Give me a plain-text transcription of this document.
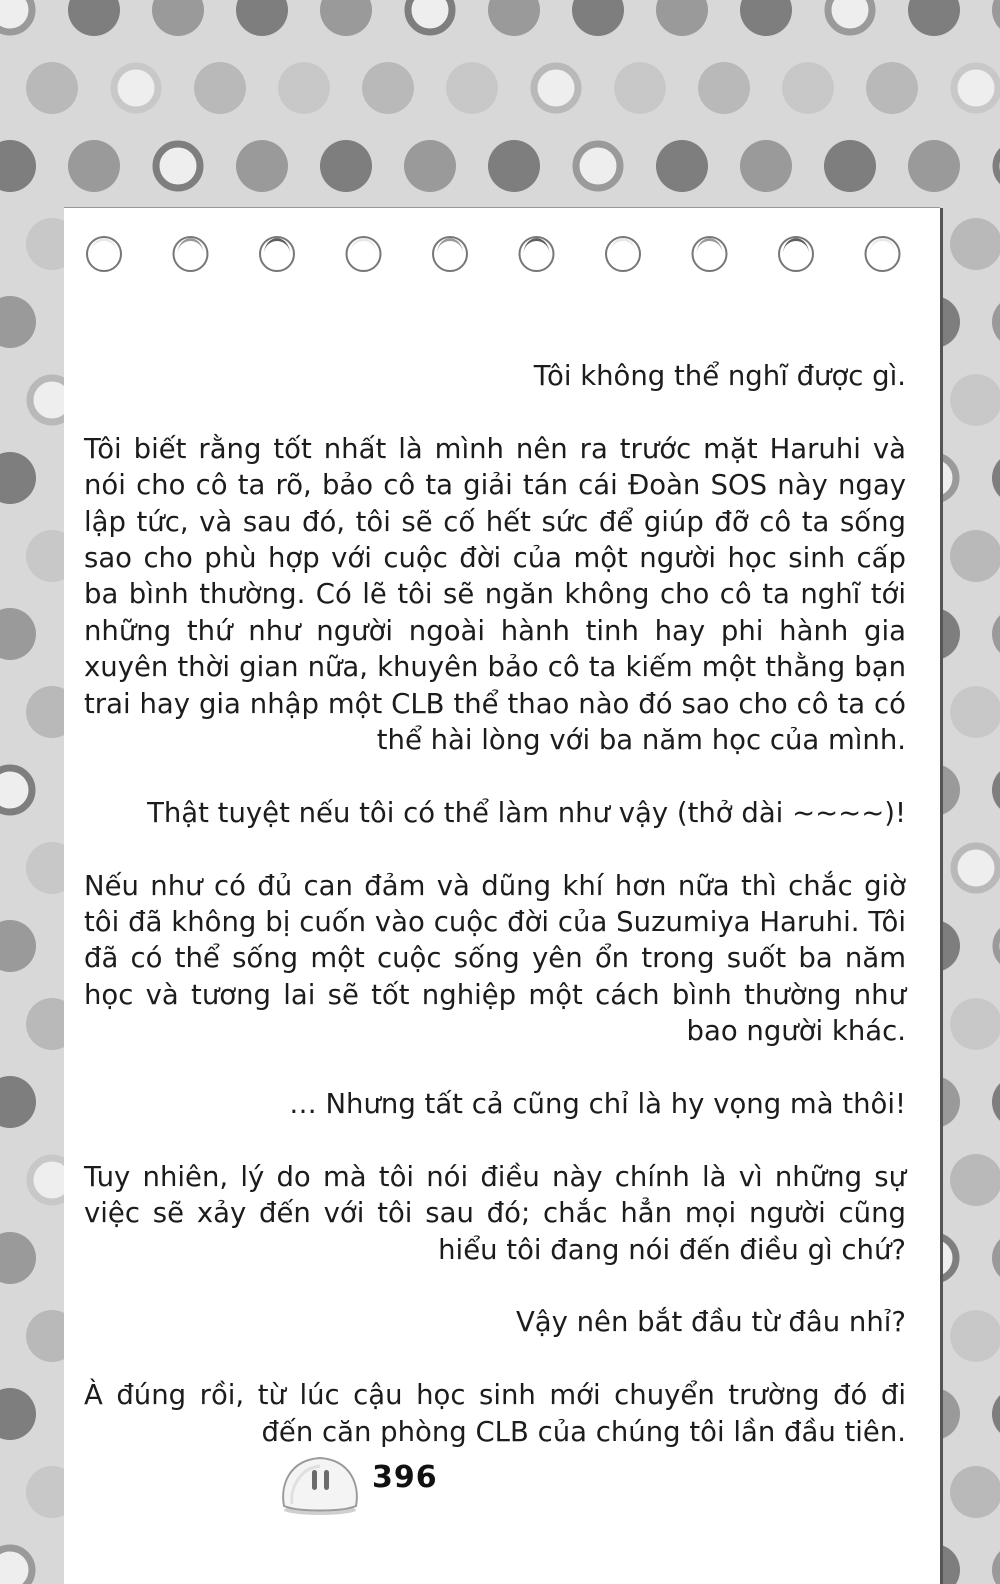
Tôi không thể nghĩ được gì.

Tôi biết rằng tốt nhất là mình nên ra trước mặt Haruhi và nói cho cô ta rõ, bảo cô ta giải tán cái Đoàn SOS này ngay lập tức, và sau đó, tôi sẽ cố hết sức để giúp đỡ cô ta sống sao cho phù hợp với cuộc đời của một người học sinh cấp ba bình thường. Có lẽ tôi sẽ ngăn không cho cô ta nghĩ tới những thứ như người ngoài hành tinh hay phi hành gia xuyên thời gian nữa, khuyên bảo cô ta kiếm một thằng bạn trai hay gia nhập một CLB thể thao nào đó sao cho cô ta có thể hài lòng với ba năm học của mình.

Thật tuyệt nếu tôi có thể làm như vậy (thở dài ~~~~)!

Nếu như có đủ can đảm và dũng khí hơn nữa thì chắc giờ tôi đã không bị cuốn vào cuộc đời của Suzumiya Haruhi. Tôi đã có thể sống một cuộc sống yên ổn trong suốt ba năm học và tương lai sẽ tốt nghiệp một cách bình thường như bao người khác.

… Nhưng tất cả cũng chỉ là hy vọng mà thôi!

Tuy nhiên, lý do mà tôi nói điều này chính là vì những sự việc sẽ xảy đến với tôi sau đó; chắc hẳn mọi người cũng hiểu tôi đang nói đến điều gì chứ?

Vậy nên bắt đầu từ đâu nhỉ?

À đúng rồi, từ lúc cậu học sinh mới chuyển trường đó đi đến căn phòng CLB của chúng tôi lần đầu tiên.

396
